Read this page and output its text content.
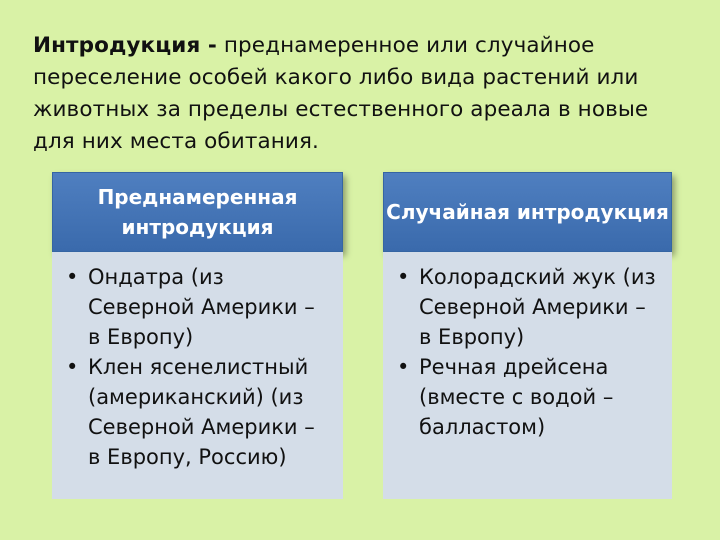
Интродукция - преднамеренное или случайное переселение особей какого либо вида растений или животных за пределы естественного ареала в новые для них места обитания.
Преднамеренная интродукция
• Ондатра (из Северной Америки – в Европу)
• Клен ясенелистный (американский) (из Северной Америки – в Европу, Россию)
Случайная интродукция
• Колорадский жук (из Северной Америки – в Европу)
• Речная дрейсена (вместе с водой – балластом)
